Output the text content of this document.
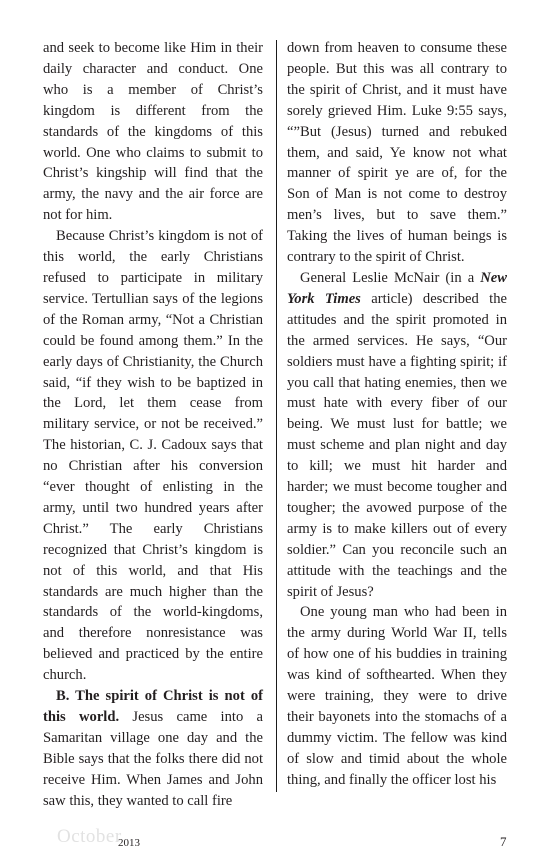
and seek to become like Him in their daily character and conduct. One who is a member of Christ’s kingdom is different from the standards of the kingdoms of this world. One who claims to submit to Christ’s kingship will find that the army, the navy and the air force are not for him.

Because Christ’s kingdom is not of this world, the early Christians refused to participate in military service. Tertullian says of the legions of the Roman army, “Not a Christian could be found among them.” In the early days of Christianity, the Church said, “if they wish to be baptized in the Lord, let them cease from military service, or not be received.” The historian, C. J. Cadoux says that no Christian after his conversion “ever thought of enlisting in the army, until two hundred years after Christ.” The early Christians recognized that Christ’s kingdom is not of this world, and that His standards are much higher than the standards of the world-kingdoms, and therefore nonresistance was believed and practiced by the entire church.

B. The spirit of Christ is not of this world. Jesus came into a Samaritan village one day and the Bible says that the folks there did not receive Him. When James and John saw this, they wanted to call fire

down from heaven to consume these people. But this was all contrary to the spirit of Christ, and it must have sorely grieved Him. Luke 9:55 says, “”But (Jesus) turned and rebuked them, and said, Ye know not what manner of spirit ye are of, for the Son of Man is not come to destroy men’s lives, but to save them.” Taking the lives of human beings is contrary to the spirit of Christ.

General Leslie McNair (in a New York Times article) described the attitudes and the spirit promoted in the armed services. He says, “Our soldiers must have a fighting spirit; if you call that hating enemies, then we must hate with every fiber of our being. We must lust for battle; we must scheme and plan night and day to kill; we must hit harder and harder; we must become tougher and tougher; the avowed purpose of the army is to make killers out of every soldier.” Can you reconcile such an attitude with the teachings and the spirit of Jesus?

One young man who had been in the army during World War II, tells of how one of his buddies in training was kind of softhearted. When they were training, they were to drive their bayonets into the stomachs of a dummy victim. The fellow was kind of slow and timid about the whole thing, and finally the officer lost his

October
2013	7
